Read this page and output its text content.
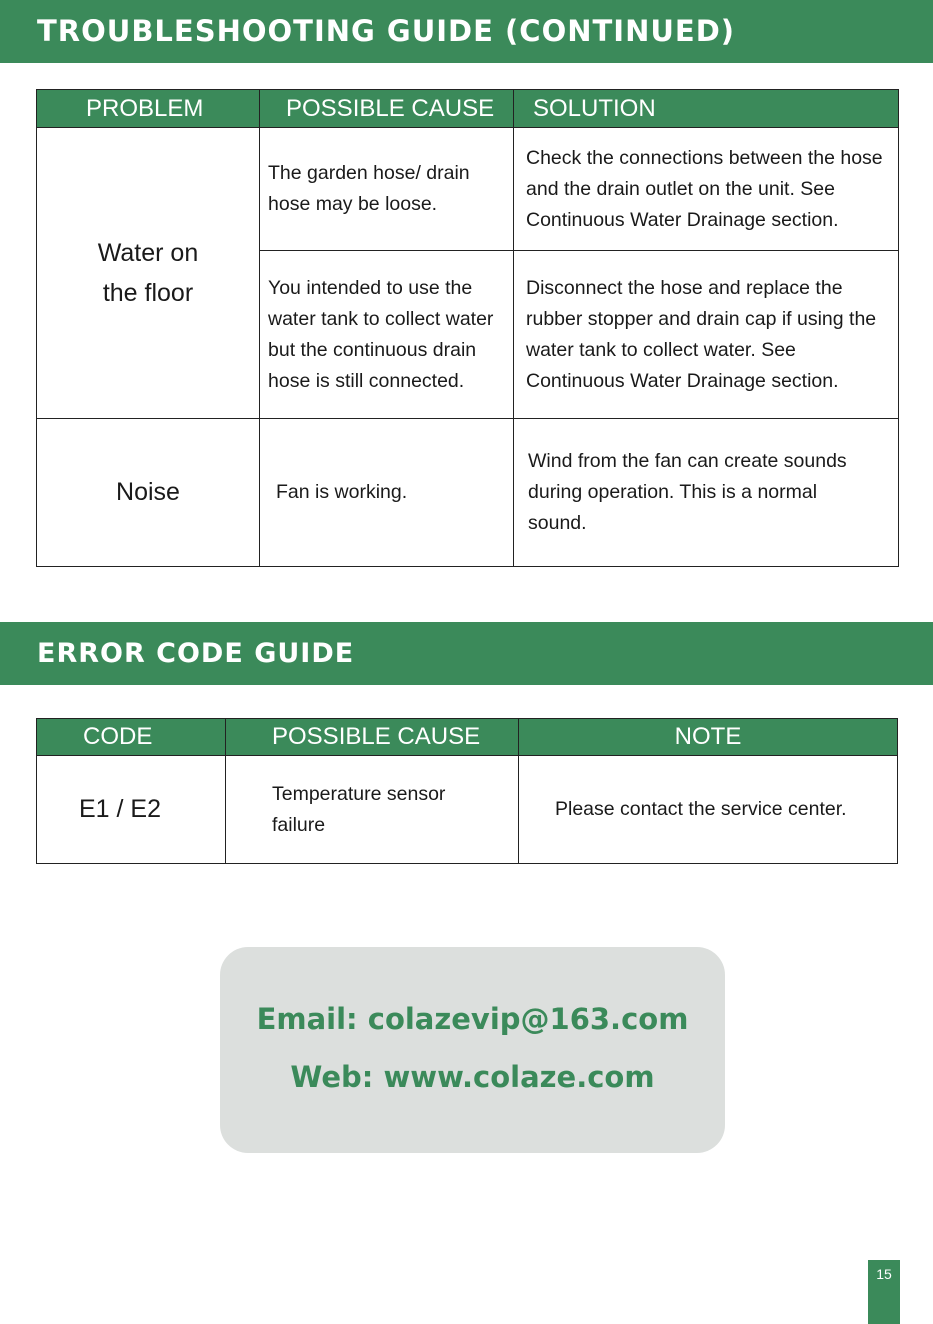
TROUBLESHOOTING GUIDE (CONTINUED)
PROBLEM	POSSIBLE CAUSE	SOLUTION
Water on the floor	The garden hose/ drain hose may be loose.	Check the connections between the hose and the drain outlet on the unit. See Continuous Water Drainage section.
	You intended to use the water tank to collect water but the continuous drain hose is still connected.	Disconnect the hose and replace the rubber stopper and drain cap if using the water tank to collect water. See Continuous Water Drainage section.
Noise	Fan is working.	Wind from the fan can create sounds during operation. This is a normal sound.
ERROR CODE GUIDE
CODE	POSSIBLE CAUSE	NOTE
E1 / E2	Temperature sensor failure	Please contact the service center.
Email: colazevip@163.com
Web: www.colaze.com
15
